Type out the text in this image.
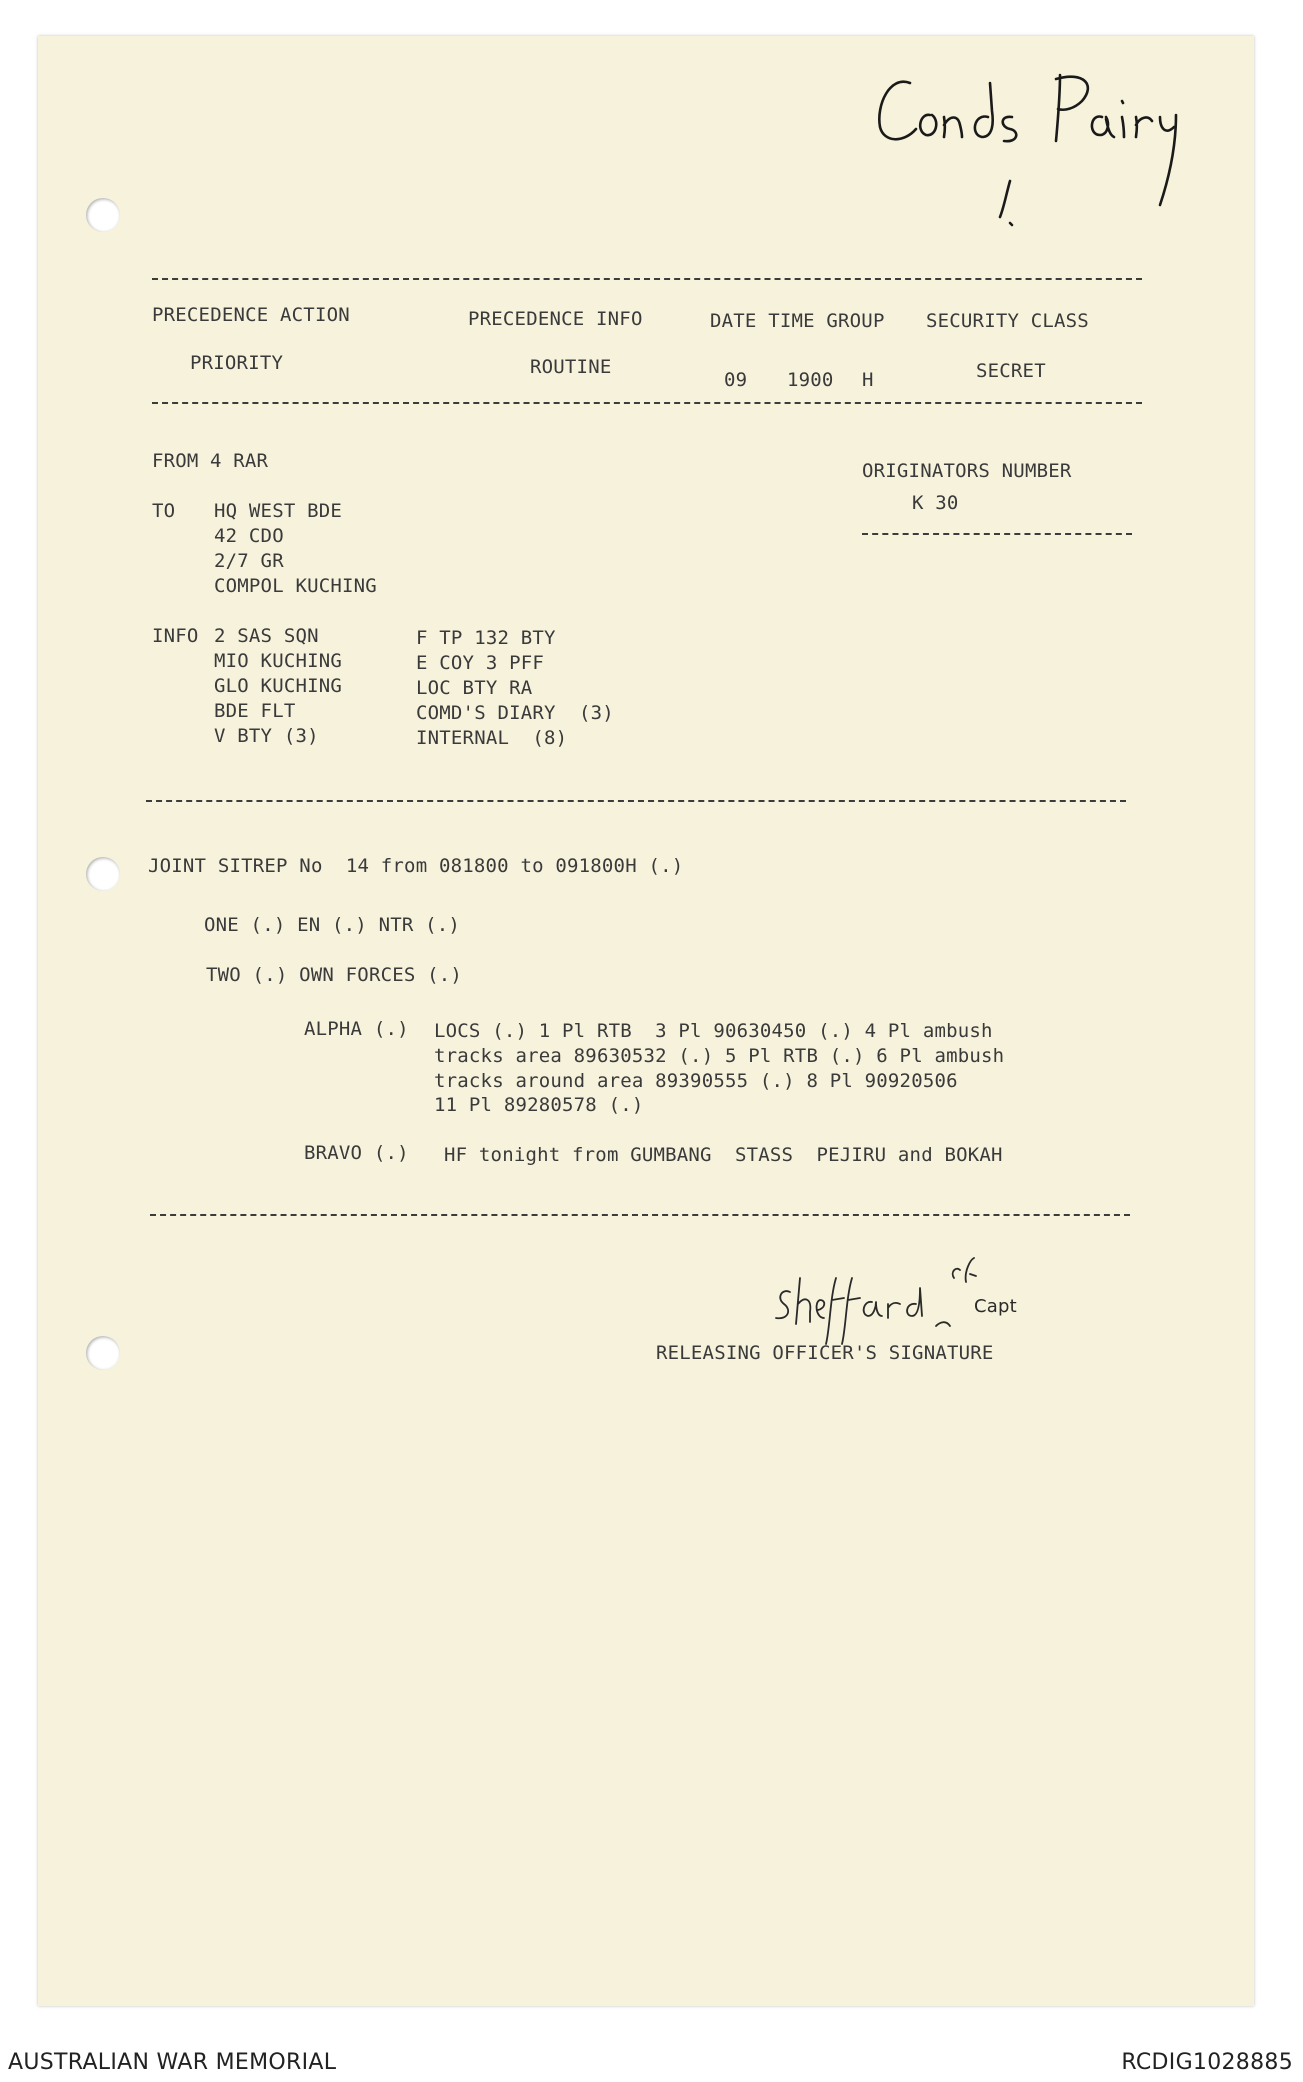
PRECEDENCE ACTION
PRIORITY
PRECEDENCE INFO
ROUTINE
DATE TIME GROUP
09 1900 H
SECURITY CLASS
SECRET
FROM 4 RAR	ORIGINATORS NUMBER
K 30
TO HQ WEST BDE
42 CDO
2/7 GR
COMPOL KUCHING
INFO 2 SAS SQN
MIO KUCHING
GLO KUCHING
BDE FLT
V BTY (3)
F TP 132 BTY
E COY 3 PFF
LOC BTY RA
COMD'S DIARY  (3)
INTERNAL  (8)
JOINT SITREP No  14 from 081800 to 091800H (.)
ONE (.) EN (.) NTR (.)
TWO (.) OWN FORCES (.)
ALPHA (.) LOCS (.) 1 Pl RTB  3 Pl 90630450 (.) 4 Pl ambush
tracks area 89630532 (.) 5 Pl RTB (.) 6 Pl ambush
tracks around area 89390555 (.) 8 Pl 90920506
11 Pl 89280578 (.)
BRAVO (.) HF tonight from GUMBANG  STASS  PEJIRU and BOKAH
Capt
RELEASING OFFICER'S SIGNATURE
AUSTRALIAN WAR MEMORIAL	RCDIG1028885
